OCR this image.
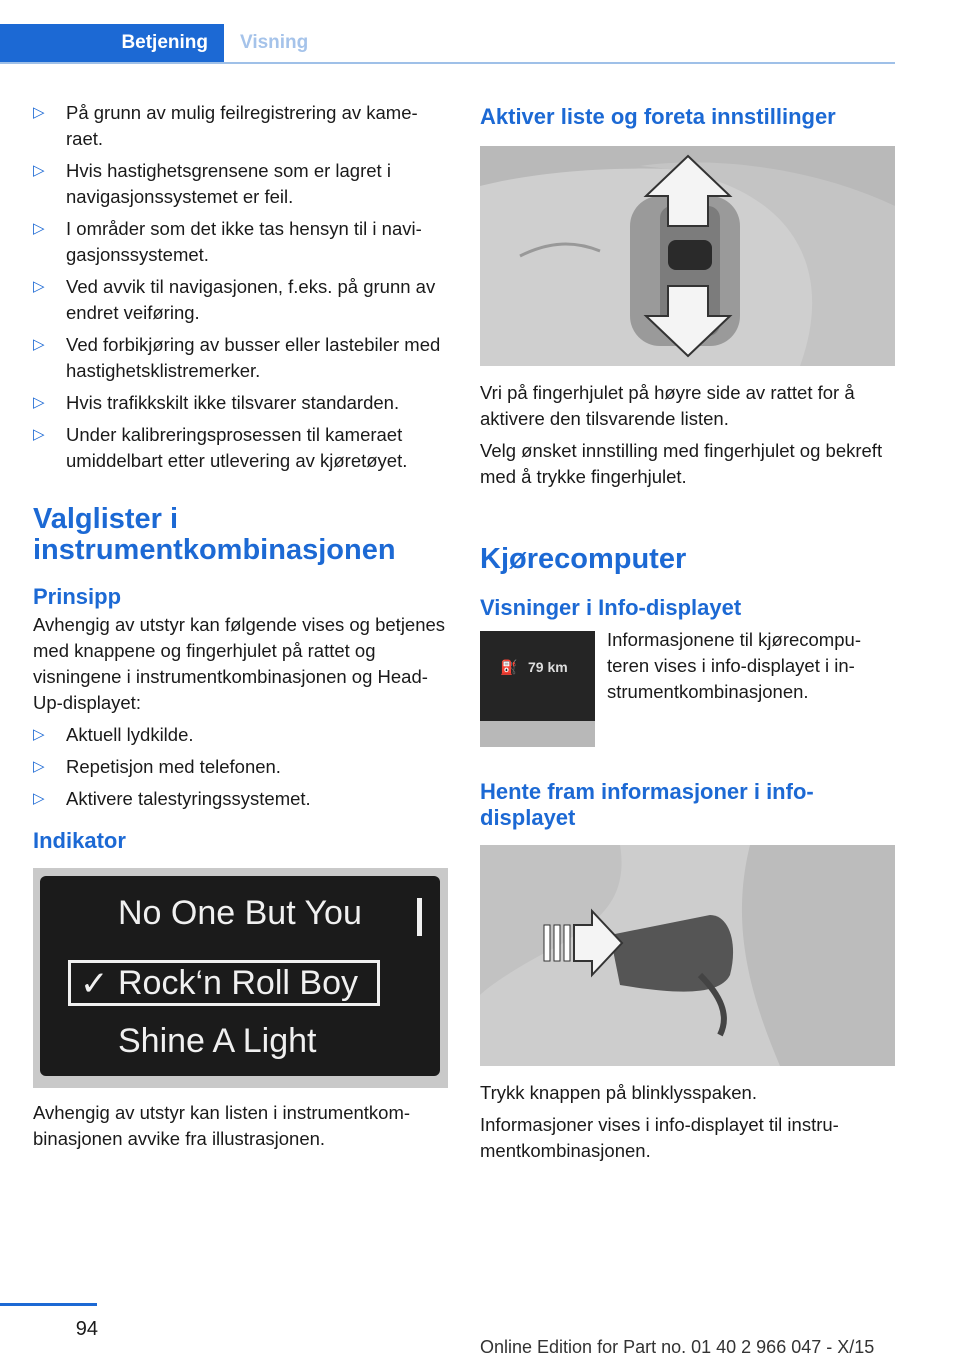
Betjening	Visning
▷ På grunn av mulig feilregistrering av kameraet.
▷ Hvis hastighetsgrensene som er lagret i navigasjonssystemet er feil.
▷ I områder som det ikke tas hensyn til i navigasjonssystemet.
▷ Ved avvik til navigasjonen, f.eks. på grunn av endret veiføring.
▷ Ved forbikjøring av busser eller lastebiler med hastighetsklistremerker.
▷ Hvis trafikkskilt ikke tilsvarer standarden.
▷ Under kalibreringsprosessen til kameraet umiddelbart etter utlevering av kjøretøyet.
Valglister i instrumentkombinasjonen
Prinsipp

Avhengig av utstyr kan følgende vises og betjenes med knappene og fingerhjulet på rattet og visningene i instrumentkombinasjonen og Head-Up-displayet:

▷ Aktuell lydkilde.
▷ Repetisjon med telefonen.
▷ Aktivere talestyringssystemet.
Indikator
No One But You
✓ Rock‘n Roll Boy
Shine A Light

Avhengig av utstyr kan listen i instrumentkombinasjonen avvike fra illustrasjonen.

Aktiver liste og foreta innstillinger

Vri på fingerhjulet på høyre side av rattet for å aktivere den tilsvarende listen.

Velg ønsket innstilling med fingerhjulet og bekreft med å trykke fingerhjulet.

Kjørecomputer
Visninger i Info-displayet
⛽ 79 km

Informasjonene til kjørecomputeren vises i info-displayet i instrumentkombinasjonen.

Hente fram informasjoner i infodisplayet

Trykk knappen på blinklysspaken.

Informasjoner vises i info-displayet til instrumentkombinasjonen.

94
Online Edition for Part no. 01 40 2 966 047 - X/15
